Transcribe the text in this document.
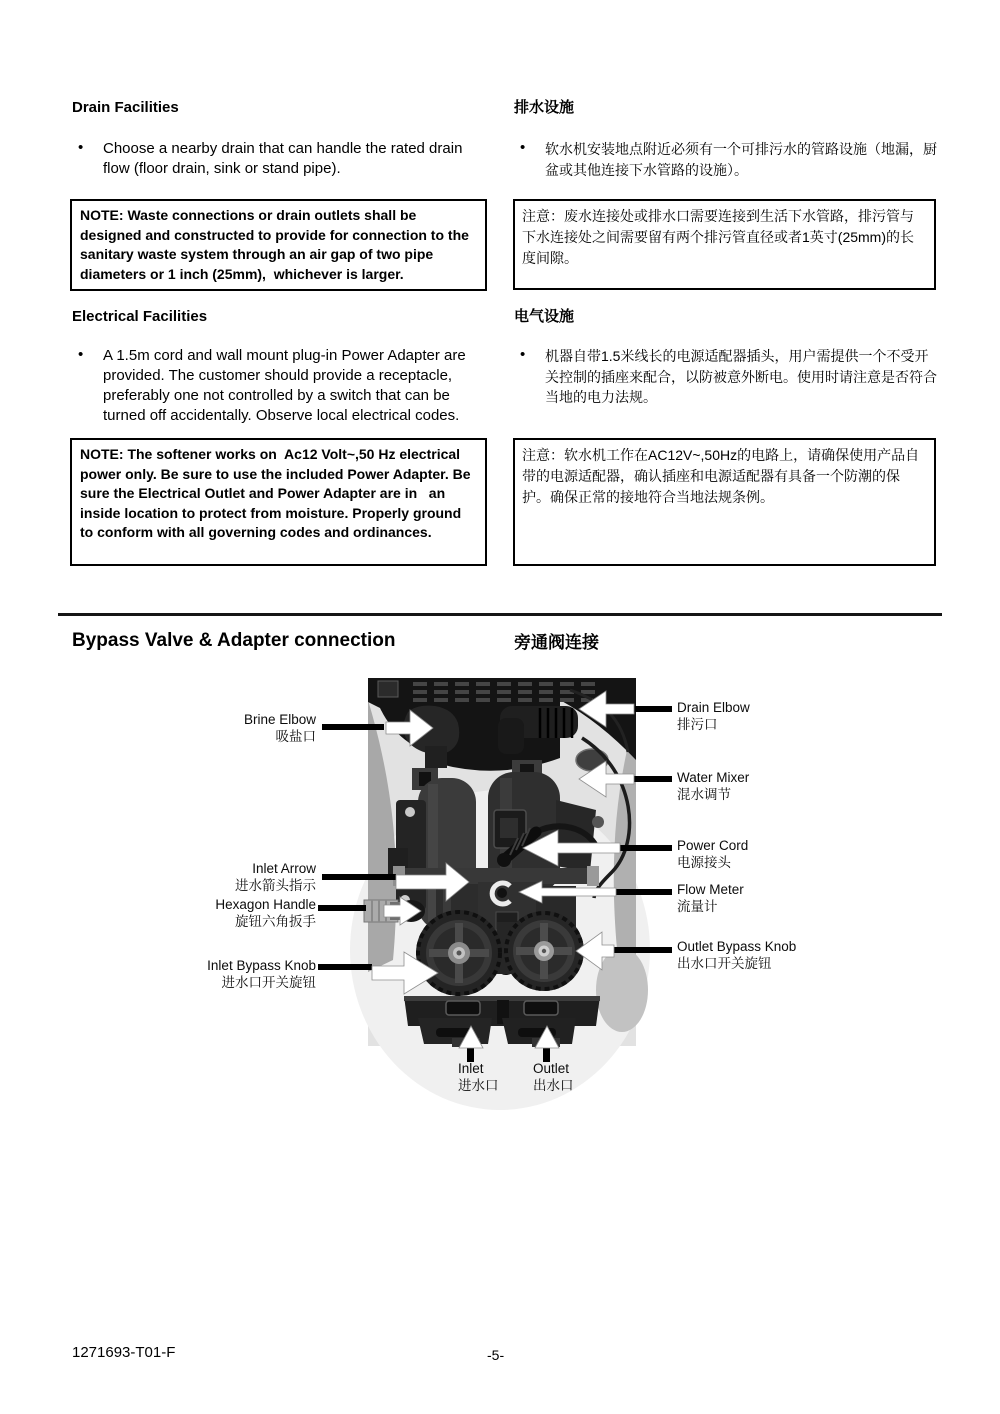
Drain Facilities
•	Choose a nearby drain that can handle the rated drain flow (floor drain, sink or stand pipe).
NOTE: Waste connections or drain outlets shall be designed and constructed to provide for connection to the sanitary waste system through an air gap of two pipe diameters or 1 inch (25mm),  whichever is larger.
Electrical Facilities
•	A 1.5m cord and wall mount plug-in Power Adapter are provided. The customer should provide a receptacle, preferably one not controlled by a switch that can be turned off accidentally. Observe local electrical codes.
NOTE: The softener works on  Ac12 Volt~,50 Hz electrical power only. Be sure to use the included Power Adapter. Be sure the Electrical Outlet and Power Adapter are in   an inside location to protect from moisture. Properly ground to conform with all governing codes and ordinances.
排水设施
•	软水机安装地点附近必须有一个可排污水的管路设施（地漏，厨盆或其他连接下水管路的设施）。
注意：废水连接处或排水口需要连接到生活下水管路，排污管与下水连接处之间需要留有两个排污管直径或者1英寸(25mm)的长度间隙。
电气设施
•	机器自带1.5米线长的电源适配器插头，用户需提供一个不受开关控制的插座来配合，以防被意外断电。使用时请注意是否符合当地的电力法规。
注意：软水机工作在AC12V~,50Hz的电路上，请确保使用产品自带的电源适配器，确认插座和电源适配器有具备一个防潮的保护。确保正常的接地符合当地法规条例。
Bypass Valve & Adapter connection	旁通阀连接
Brine Elbow
吸盐口
Drain Elbow
排污口
Water Mixer
混水调节
Power Cord
电源接头
Inlet Arrow
进水箭头指示	Flow Meter
流量计
Hexagon Handle
旋钮六角扳手
Outlet Bypass Knob
出水口开关旋钮
Inlet Bypass Knob
进水口开关旋钮
Inlet
进水口
Outlet
出水口
1271693-T01-F	-5-
